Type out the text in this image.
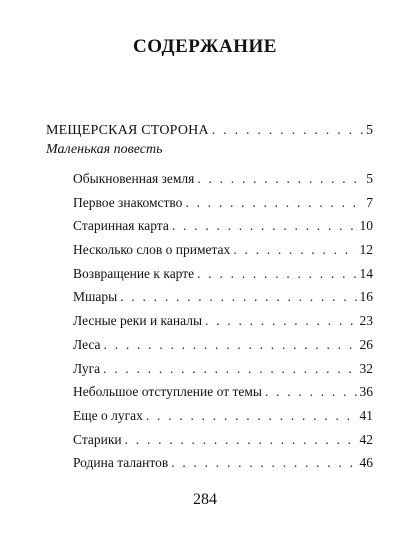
СОДЕРЖАНИЕ
МЕЩЕРСКАЯ СТОРОНА . . .	5
Маленькая повесть
Обыкновенная земля . . .	5
Первое знакомство . . .	7
Старинная карта . . .	10
Несколько слов о приметах . . .	12
Возвращение к карте . . .	14
Мшары . . .	16
Лесные реки и каналы . . .	23
Леса . . .	26
Луга . . .	32
Небольшое отступление от темы . . .	36
Еще о лугах . . .	41
Старики . . .	42
Родина талантов . . .	46
284
